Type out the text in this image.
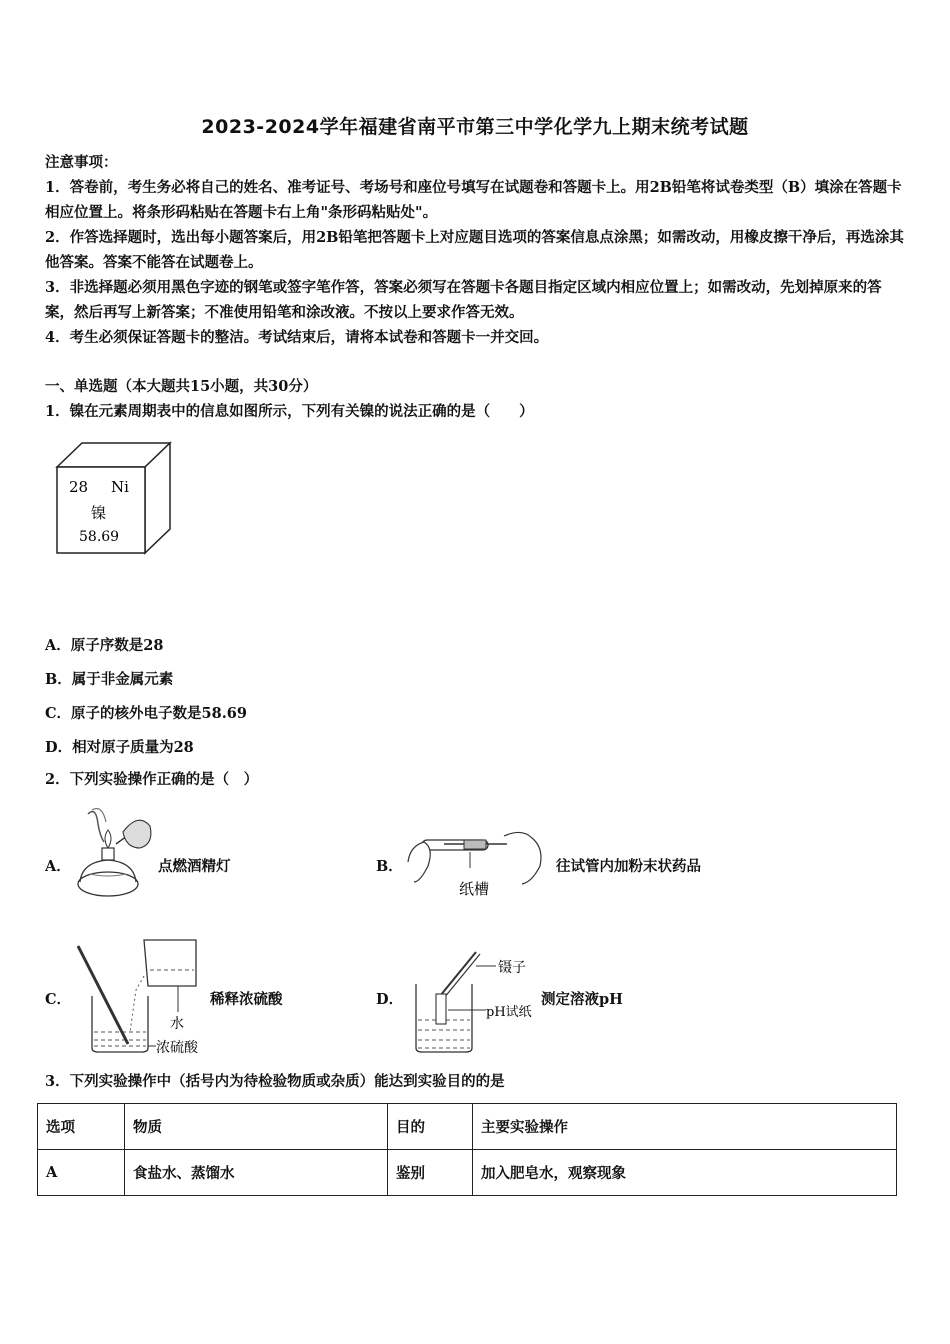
2023-2024学年福建省南平市第三中学化学九上期末统考试题

注意事项：

1．答卷前，考生务必将自己的姓名、准考证号、考场号和座位号填写在试题卷和答题卡上。用2B铅笔将试卷类型（B）填涂在答题卡相应位置上。将条形码粘贴在答题卡右上角"条形码粘贴处"。

2．作答选择题时，选出每小题答案后，用2B铅笔把答题卡上对应题目选项的答案信息点涂黑；如需改动，用橡皮擦干净后，再选涂其他答案。答案不能答在试题卷上。

3．非选择题必须用黑色字迹的钢笔或签字笔作答，答案必须写在答题卡各题目指定区域内相应位置上；如需改动，先划掉原来的答案，然后再写上新答案；不准使用铅笔和涂改液。不按以上要求作答无效。

4．考生必须保证答题卡的整洁。考试结束后，请将本试卷和答题卡一并交回。

一、单选题（本大题共15小题，共30分）
1．镍在元素周期表中的信息如图所示，下列有关镍的说法正确的是（　　）
28 Ni
镍
58.69
A．原子序数是28
B．属于非金属元素
C．原子的核外电子数是58.69
D．相对原子质量为28
2．下列实验操作正确的是（　）
A．	点燃酒精灯	B．
纸槽
往试管内加粉末状药品
C．
水
浓硫酸
稀释浓硫酸	D．
镊子
pH试纸
测定溶液pH
3．下列实验操作中（括号内为待检验物质或杂质）能达到实验目的的是
选项	物质	目的	主要实验操作
A	食盐水、蒸馏水	鉴别	加入肥皂水，观察现象
